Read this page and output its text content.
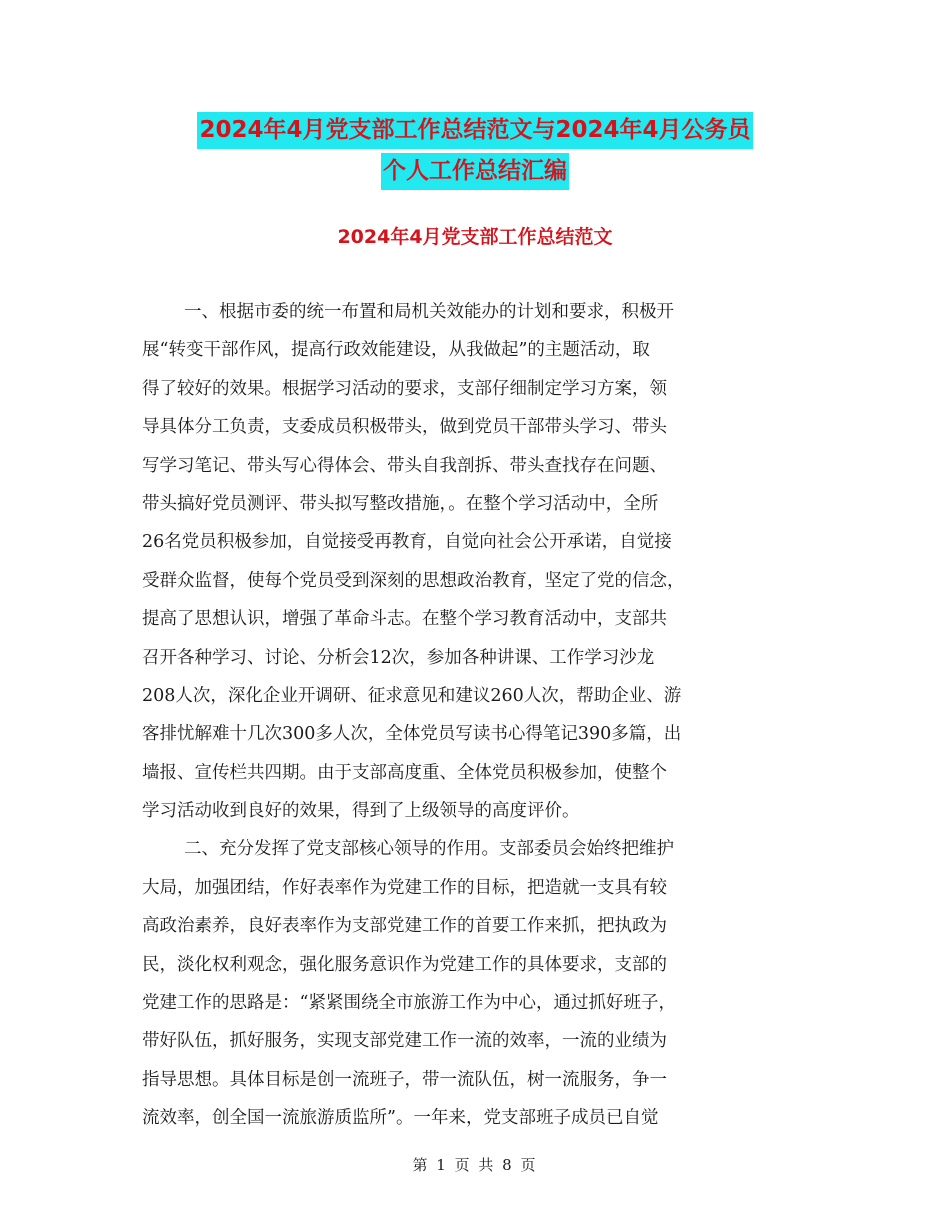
2024年4月党支部工作总结范文与2024年4月公务员
个人工作总结汇编
2024年4月党支部工作总结范文
一、根据市委的统一布置和局机关效能办的计划和要求，积极开
展“转变干部作风，提高行政效能建设，从我做起”的主题活动，取
得了较好的效果。根据学习活动的要求，支部仔细制定学习方案，领
导具体分工负责，支委成员积极带头，做到党员干部带头学习、带头
写学习笔记、带头写心得体会、带头自我剖拆、带头查找存在问题、
带头搞好党员测评、带头拟写整改措施，。在整个学习活动中，全所
26名党员积极参加，自觉接受再教育，自觉向社会公开承诺，自觉接
受群众监督，使每个党员受到深刻的思想政治教育，坚定了党的信念，
提高了思想认识，增强了革命斗志。在整个学习教育活动中，支部共
召开各种学习、讨论、分析会12次，参加各种讲课、工作学习沙龙
208人次，深化企业开调研、征求意见和建议260人次，帮助企业、游
客排忧解难十几次300多人次，全体党员写读书心得笔记390多篇，出
墙报、宣传栏共四期。由于支部高度重、全体党员积极参加，使整个
学习活动收到良好的效果，得到了上级领导的高度评价。
二、充分发挥了党支部核心领导的作用。支部委员会始终把维护
大局，加强团结，作好表率作为党建工作的目标，把造就一支具有较
高政治素养，良好表率作为支部党建工作的首要工作来抓，把执政为
民，淡化权利观念，强化服务意识作为党建工作的具体要求，支部的
党建工作的思路是：“紧紧围绕全市旅游工作为中心，通过抓好班子，
带好队伍，抓好服务，实现支部党建工作一流的效率，一流的业绩为
指导思想。具体目标是创一流班子，带一流队伍，树一流服务，争一
流效率，创全国一流旅游质监所”。一年来，党支部班子成员已自觉
第 1 页 共 8 页
